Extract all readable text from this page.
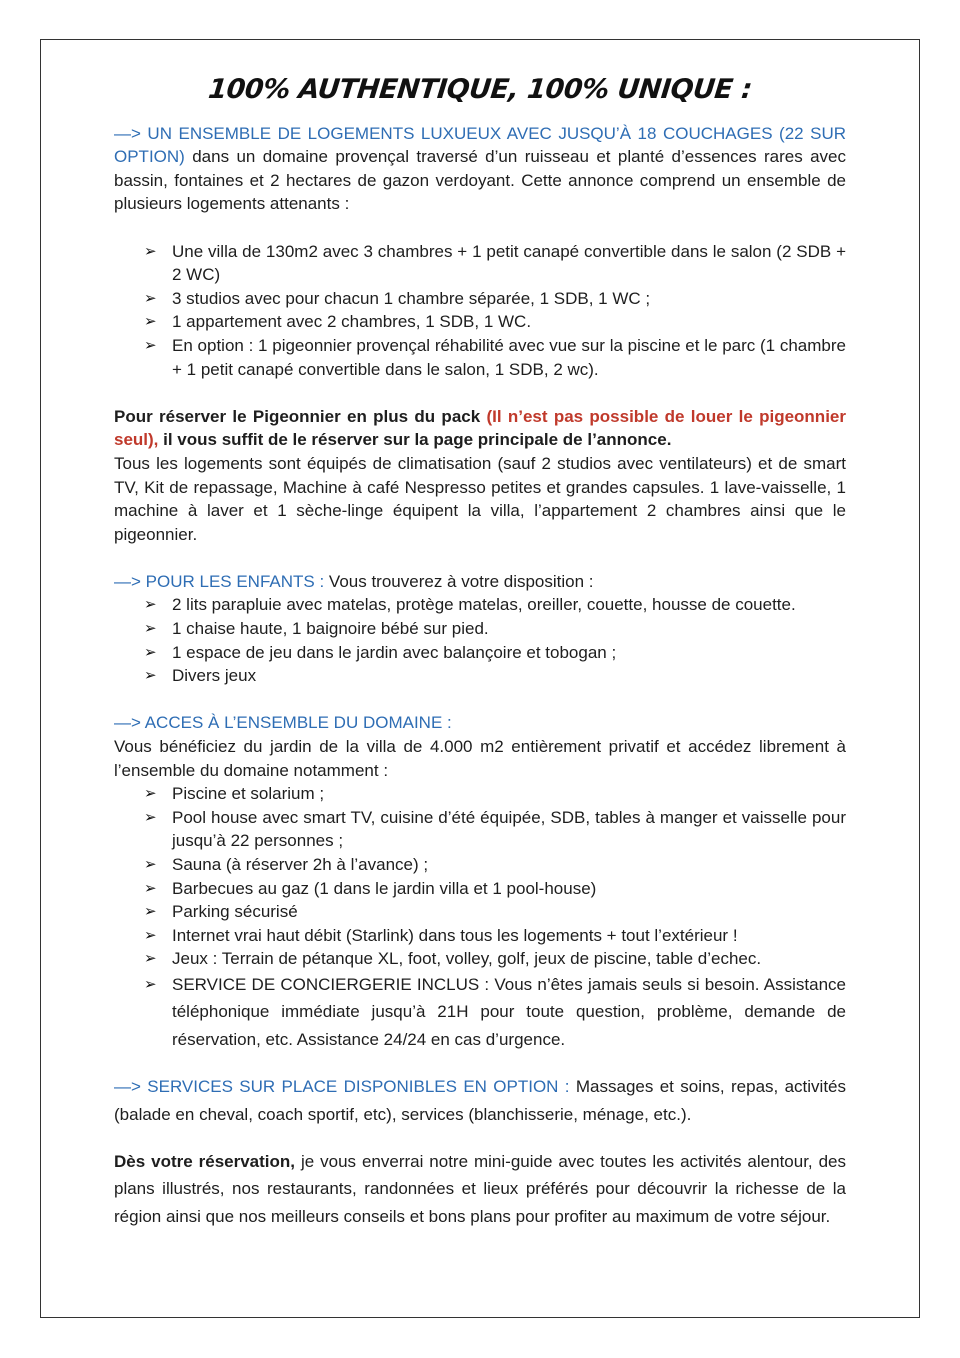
100% AUTHENTIQUE, 100% UNIQUE :

—> UN ENSEMBLE DE LOGEMENTS LUXUEUX AVEC JUSQU’À 18 COUCHAGES (22 SUR OPTION) dans un domaine provençal traversé d’un ruisseau et planté d’essences rares avec bassin, fontaines et 2 hectares de gazon verdoyant. Cette annonce comprend un ensemble de plusieurs logements attenants :

➢ Une villa de 130m2 avec 3 chambres + 1 petit canapé convertible dans le salon (2 SDB + 2 WC)
➢ 3 studios avec pour chacun 1 chambre séparée, 1 SDB, 1 WC ;
➢ 1 appartement avec 2 chambres, 1 SDB, 1 WC.
➢ En option : 1 pigeonnier provençal réhabilité avec vue sur la piscine et le parc (1 chambre + 1 petit canapé convertible dans le salon, 1 SDB, 2 wc).

Pour réserver le Pigeonnier en plus du pack (Il n’est pas possible de louer le pigeonnier seul), il vous suffit de le réserver sur la page principale de l’annonce.

Tous les logements sont équipés de climatisation (sauf 2 studios avec ventilateurs) et de smart TV, Kit de repassage, Machine à café Nespresso petites et grandes capsules. 1 lave-vaisselle, 1 machine à laver et 1 sèche-linge équipent la villa, l’appartement 2 chambres ainsi que le pigeonnier.

—> POUR LES ENFANTS : Vous trouverez à votre disposition :

➢ 2 lits parapluie avec matelas, protège matelas, oreiller, couette, housse de couette.
➢ 1 chaise haute, 1 baignoire bébé sur pied.
➢ 1 espace de jeu dans le jardin avec balançoire et tobogan ;
➢ Divers jeux

—> ACCES À L’ENSEMBLE DU DOMAINE :

Vous bénéficiez du jardin de la villa de 4.000 m2 entièrement privatif et accédez librement à l’ensemble du domaine notamment :

➢ Piscine et solarium ;
➢ Pool house avec smart TV, cuisine d’été équipée, SDB, tables à manger et vaisselle pour jusqu’à 22 personnes ;
➢ Sauna (à réserver 2h à l’avance) ;
➢ Barbecues au gaz (1 dans le jardin villa et 1 pool-house)
➢ Parking sécurisé
➢ Internet vrai haut débit (Starlink) dans tous les logements + tout l’extérieur !
➢ Jeux : Terrain de pétanque XL, foot, volley, golf, jeux de piscine, table d’echec.
➢ SERVICE DE CONCIERGERIE INCLUS : Vous n’êtes jamais seuls si besoin. Assistance téléphonique immédiate jusqu’à 21H pour toute question, problème, demande de réservation, etc. Assistance 24/24 en cas d’urgence.

—> SERVICES SUR PLACE DISPONIBLES EN OPTION : Massages et soins, repas, activités (balade en cheval, coach sportif, etc), services (blanchisserie, ménage, etc.).

Dès votre réservation, je vous enverrai notre mini-guide avec toutes les activités alentour, des plans illustrés, nos restaurants, randonnées et lieux préférés pour découvrir la richesse de la région ainsi que nos meilleurs conseils et bons plans pour profiter au maximum de votre séjour.
